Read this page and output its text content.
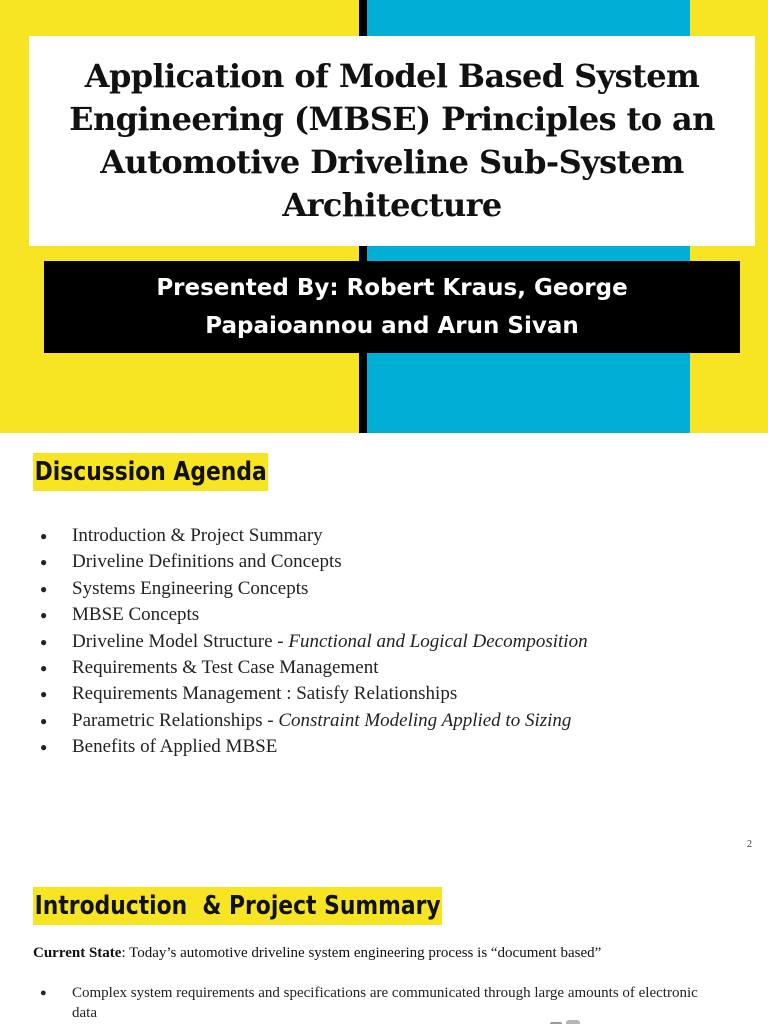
Application of Model Based System Engineering (MBSE) Principles to an Automotive Driveline Sub-System Architecture

Presented By: Robert Kraus, George Papaioannou and Arun Sivan

Discussion Agenda
● Introduction & Project Summary
● Driveline Definitions and Concepts
● Systems Engineering Concepts
● MBSE Concepts
● Driveline Model Structure - Functional and Logical Decomposition
● Requirements & Test Case Management
● Requirements Management : Satisfy Relationships
● Parametric Relationships - Constraint Modeling Applied to Sizing
● Benefits of Applied MBSE
2
Introduction  & Project Summary

Current State: Today’s automotive driveline system engineering process is “document based”

● Complex system requirements and specifications are communicated through large amounts of electronic data
